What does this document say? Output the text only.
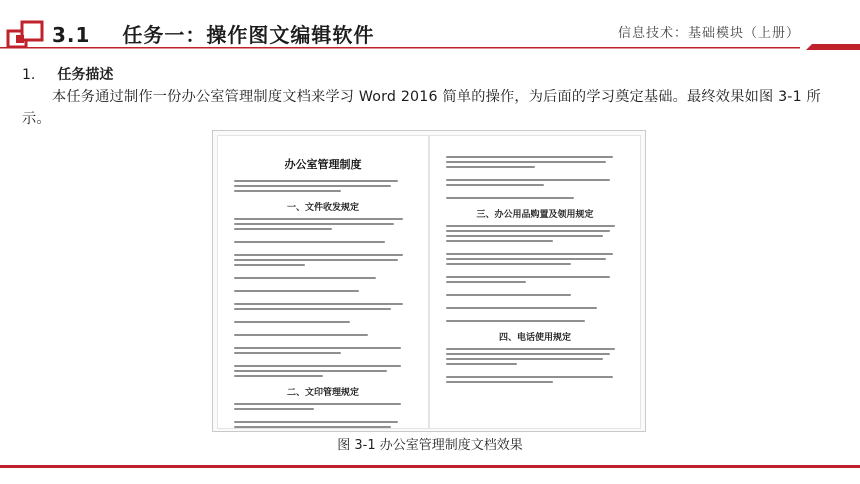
3.1 任务一：操作图文编辑软件	信息技术：基础模块（上册）
1. 任务描述
本任务通过制作一份办公室管理制度文档来学习 Word 2016 简单的操作，为后面的学习奠定基础。最终效果如图 3-1 所示。
办公室管理制度
一、文件收发规定
二、文印管理规定
三、办公用品购置及领用规定
四、电话使用规定
图 3-1 办公室管理制度文档效果
